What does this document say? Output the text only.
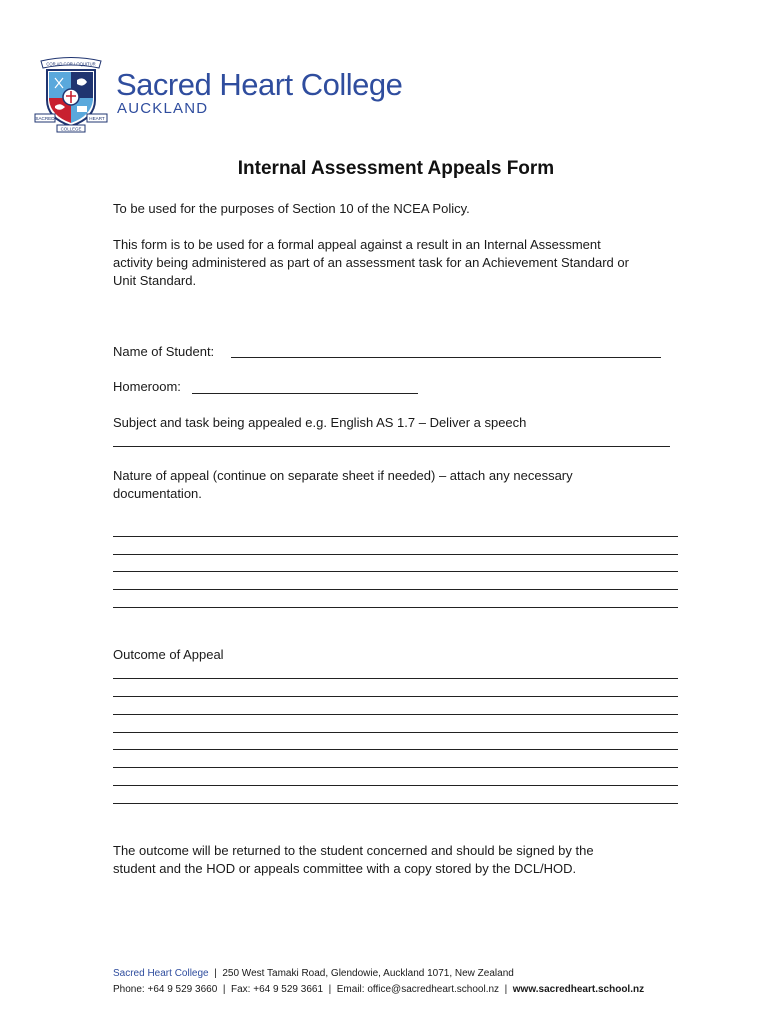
COR AD COR LOQUITUR
SACRED	HEART
COLLEGE
Sacred Heart College
AUCKLAND
Internal Assessment Appeals Form
To be used for the purposes of Section 10 of the NCEA Policy.
This form is to be used for a formal appeal against a result in an Internal Assessment
activity being administered as part of an assessment task for an Achievement Standard or
Unit Standard.
Name of Student:
Homeroom:
Subject and task being appealed e.g. English AS 1.7 – Deliver a speech
Nature of appeal (continue on separate sheet if needed) – attach any necessary
documentation.
Outcome of Appeal
The outcome will be returned to the student concerned and should be signed by the
student and the HOD or appeals committee with a copy stored by the DCL/HOD.
Sacred Heart College | 250 West Tamaki Road, Glendowie, Auckland 1071, New Zealand
Phone: +64 9 529 3660 | Fax: +64 9 529 3661 | Email: office@sacredheart.school.nz | www.sacredheart.school.nz
